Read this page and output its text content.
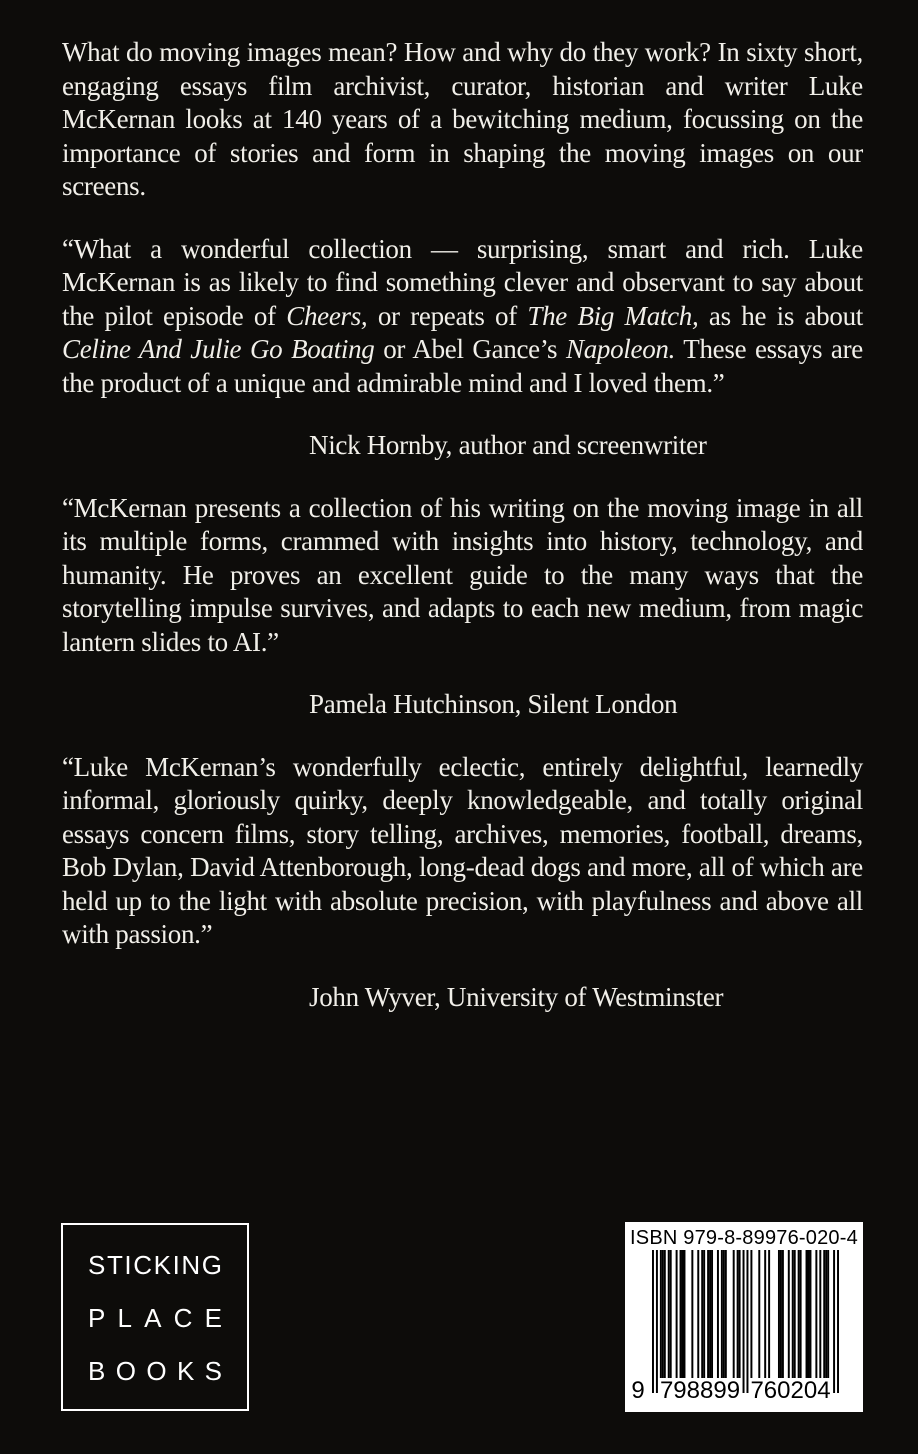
What do moving images mean? How and why do they work? In sixty short, engaging essays film archivist, curator, historian and writer Luke McKernan looks at 140 years of a bewitching medium, focussing on the importance of stories and form in shaping the moving images on our screens.

“What a wonderful collection — surprising, smart and rich. Luke McKernan is as likely to find something clever and observant to say about the pilot episode of Cheers, or repeats of The Big Match, as he is about Celine And Julie Go Boating or Abel Gance’s Napoleon. These essays are the product of a unique and admirable mind and I loved them.”

Nick Hornby, author and screenwriter

“McKernan presents a collection of his writing on the moving image in all its multiple forms, crammed with insights into history, technology, and humanity. He proves an excellent guide to the many ways that the storytelling impulse survives, and adapts to each new medium, from magic lantern slides to AI.”

Pamela Hutchinson, Silent London

“Luke McKernan’s wonderfully eclectic, entirely delightful, learnedly informal, gloriously quirky, deeply knowledgeable, and totally original essays concern films, story telling, archives, memories, football, dreams, Bob Dylan, David Attenborough, long-dead dogs and more, all of which are held up to the light with absolute precision, with playfulness and above all with passion.”

John Wyver, University of Westminster

S T I C K I N G
P L A C E
B O O K S
ISBN 979-8-89976-020-4
9 798899 760204
